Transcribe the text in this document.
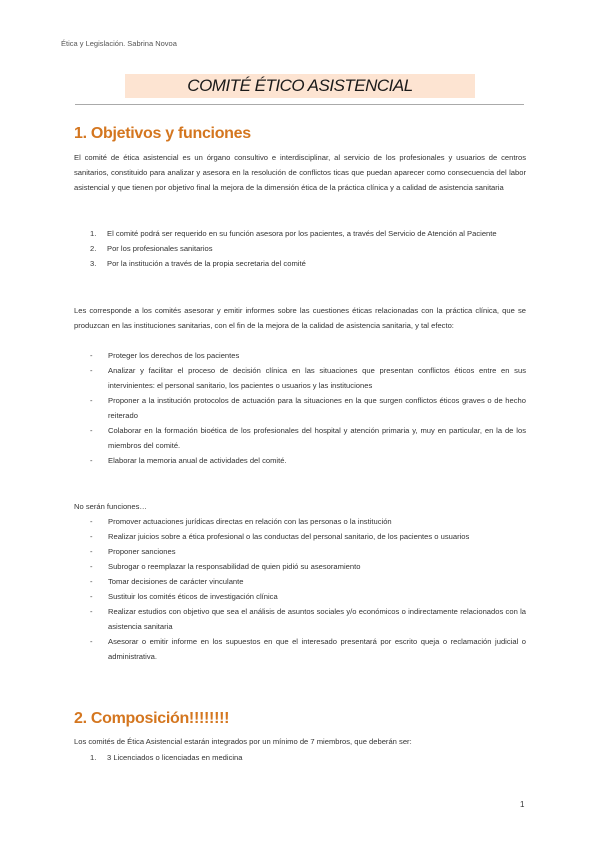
Ética y Legislación. Sabrina Novoa
COMITÉ ÉTICO ASISTENCIAL
1. Objetivos y funciones
El comité de ética asistencial es un órgano consultivo e interdisciplinar, al servicio de los profesionales y usuarios de centros sanitarios, constituido para analizar y asesora en la resolución de conflictos ticas que puedan aparecer como consecuencia del labor asistencial y que tienen por objetivo final la mejora de la dimensión ética de la práctica clínica y a calidad de asistencia sanitaria
1.	El comité podrá ser requerido en su función asesora por los pacientes, a través del Servicio de Atención al Paciente
2.	Por los profesionales sanitarios
3.	Por la institución a través de la propia secretaria del comité
Les corresponde a los comités asesorar y emitir informes sobre las cuestiones éticas relacionadas con la práctica clínica, que se produzcan en las instituciones sanitarias, con el fin de la mejora de la calidad de asistencia sanitaria, y tal efecto:
-	Proteger los derechos de los pacientes
-	Analizar y facilitar el proceso de decisión clínica en las situaciones que presentan conflictos éticos entre en sus intervinientes: el personal sanitario, los pacientes o usuarios y las instituciones
-	Proponer a la institución protocolos de actuación para la situaciones en la que surgen conflictos éticos graves o de hecho reiterado
-	Colaborar en la formación bioética de los profesionales del hospital y atención primaria y, muy en particular, en la de los miembros del comité.
-	Elaborar la memoria anual de actividades del comité.
No serán funciones…
-	Promover actuaciones jurídicas directas en relación con las personas o la institución
-	Realizar juicios sobre a ética profesional o las conductas del personal sanitario, de los pacientes o usuarios
-	Proponer sanciones
-	Subrogar o reemplazar la responsabilidad de quien pidió su asesoramiento
-	Tomar decisiones de carácter vinculante
-	Sustituir los comités éticos de investigación clínica
-	Realizar estudios con objetivo que sea el análisis de asuntos sociales y/o económicos o indirectamente relacionados con la asistencia sanitaria
-	Asesorar o emitir informe en los supuestos en que el interesado presentará por escrito queja o reclamación judicial o administrativa.
2. Composición!!!!!!!!
Los comités de Ética Asistencial estarán integrados por un mínimo de 7 miembros, que deberán ser:
1.	3 Licenciados o licenciadas en medicina
1
